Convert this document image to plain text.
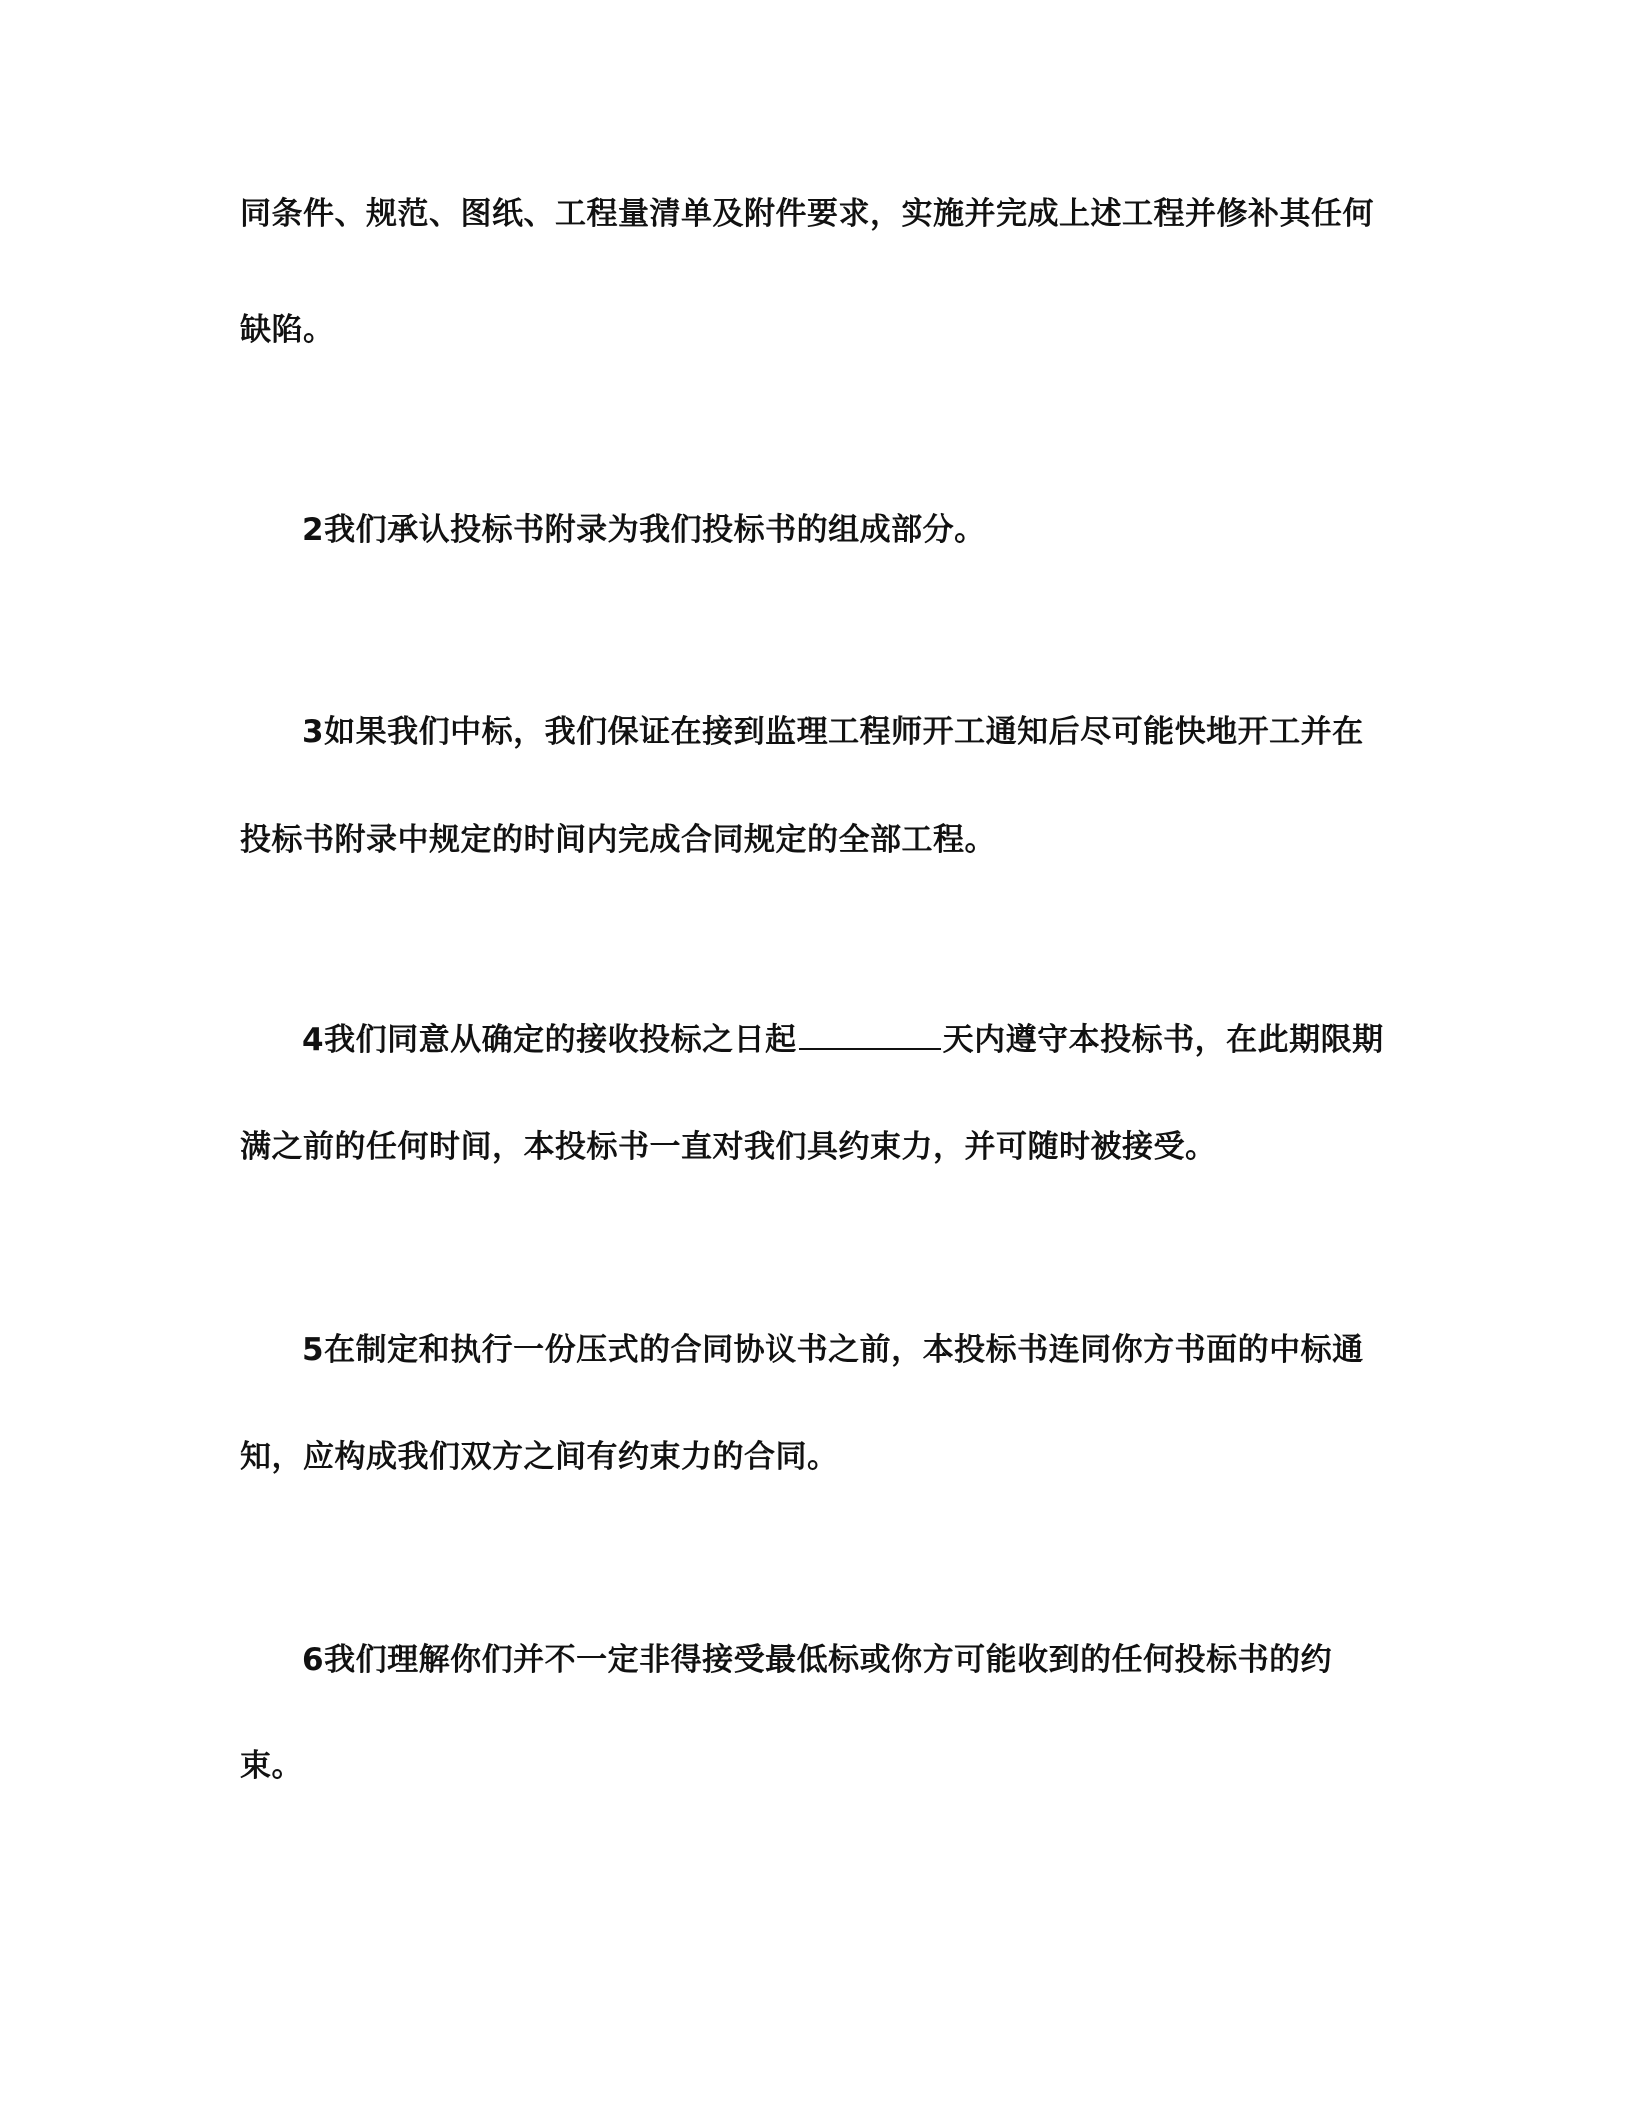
同条件、规范、图纸、工程量清单及附件要求，实施并完成上述工程并修补其任何
缺陷。
2我们承认投标书附录为我们投标书的组成部分。
3如果我们中标，我们保证在接到监理工程师开工通知后尽可能快地开工并在
投标书附录中规定的时间内完成合同规定的全部工程。
4我们同意从确定的接收投标之日起	天内遵守本投标书，在此期限期
满之前的任何时间，本投标书一直对我们具约束力，并可随时被接受。
5在制定和执行一份压式的合同协议书之前，本投标书连同你方书面的中标通
知，应构成我们双方之间有约束力的合同。
6我们理解你们并不一定非得接受最低标或你方可能收到的任何投标书的约
束。
